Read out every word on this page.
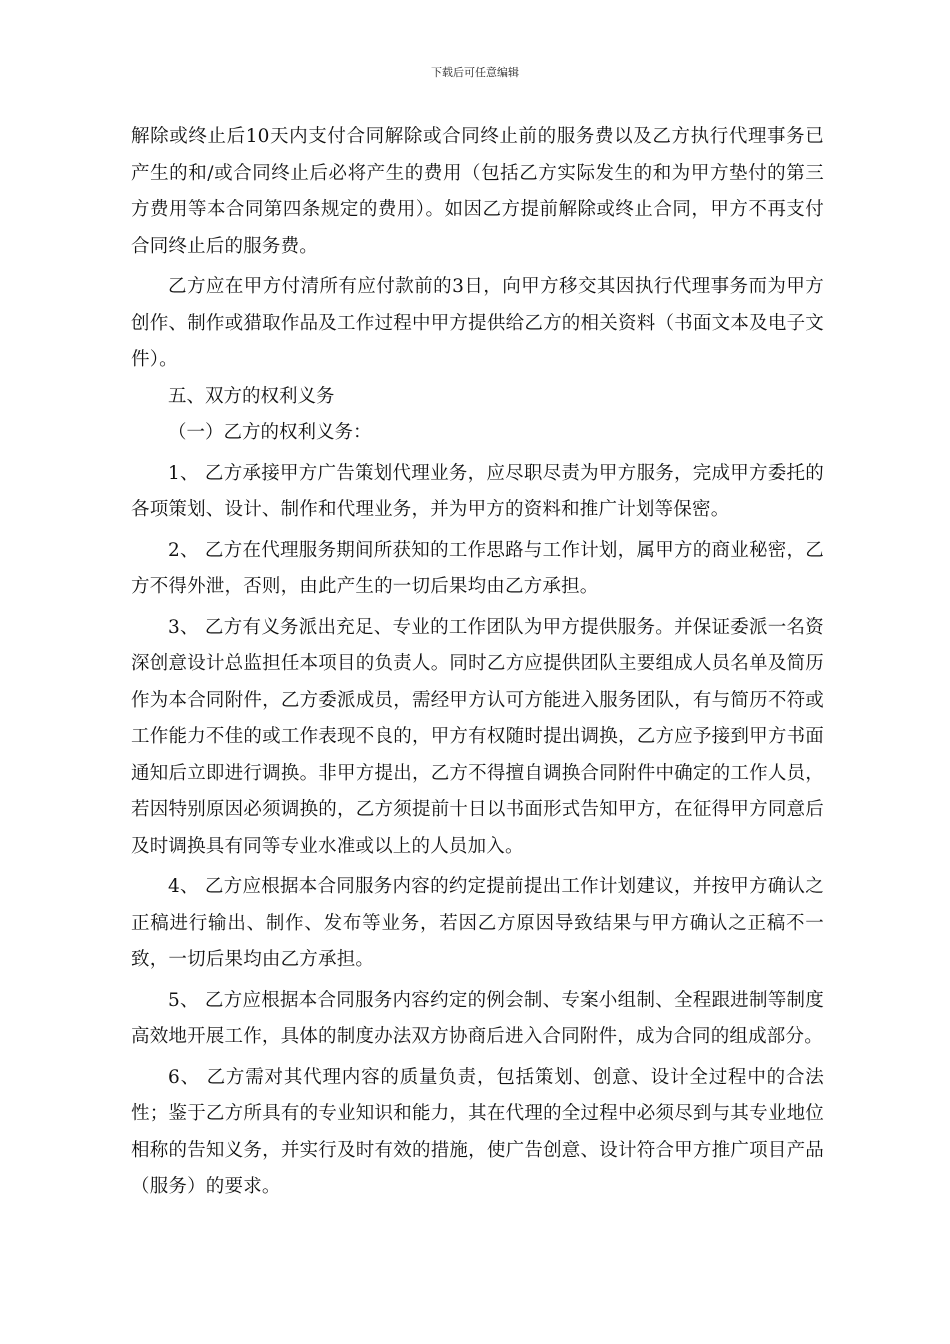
下载后可任意编辑

解除或终止后10天内支付合同解除或合同终止前的服务费以及乙方执行代理事务已产生的和/或合同终止后必将产生的费用（包括乙方实际发生的和为甲方垫付的第三方费用等本合同第四条规定的费用）。如因乙方提前解除或终止合同，甲方不再支付合同终止后的服务费。

乙方应在甲方付清所有应付款前的3日，向甲方移交其因执行代理事务而为甲方创作、制作或猎取作品及工作过程中甲方提供给乙方的相关资料（书面文本及电子文件）。

五、双方的权利义务

（一）乙方的权利义务：

1、 乙方承接甲方广告策划代理业务，应尽职尽责为甲方服务，完成甲方委托的各项策划、设计、制作和代理业务，并为甲方的资料和推广计划等保密。

2、 乙方在代理服务期间所获知的工作思路与工作计划，属甲方的商业秘密，乙方不得外泄，否则，由此产生的一切后果均由乙方承担。

3、 乙方有义务派出充足、专业的工作团队为甲方提供服务。并保证委派一名资深创意设计总监担任本项目的负责人。同时乙方应提供团队主要组成人员名单及简历作为本合同附件，乙方委派成员，需经甲方认可方能进入服务团队，有与简历不符或工作能力不佳的或工作表现不良的，甲方有权随时提出调换，乙方应予接到甲方书面通知后立即进行调换。非甲方提出，乙方不得擅自调换合同附件中确定的工作人员，若因特别原因必须调换的，乙方须提前十日以书面形式告知甲方，在征得甲方同意后及时调换具有同等专业水准或以上的人员加入。

4、 乙方应根据本合同服务内容的约定提前提出工作计划建议，并按甲方确认之正稿进行输出、制作、发布等业务，若因乙方原因导致结果与甲方确认之正稿不一致，一切后果均由乙方承担。

5、 乙方应根据本合同服务内容约定的例会制、专案小组制、全程跟进制等制度高效地开展工作，具体的制度办法双方协商后进入合同附件，成为合同的组成部分。

6、 乙方需对其代理内容的质量负责，包括策划、创意、设计全过程中的合法性；鉴于乙方所具有的专业知识和能力，其在代理的全过程中必须尽到与其专业地位相称的告知义务，并实行及时有效的措施，使广告创意、设计符合甲方推广项目产品（服务）的要求。
